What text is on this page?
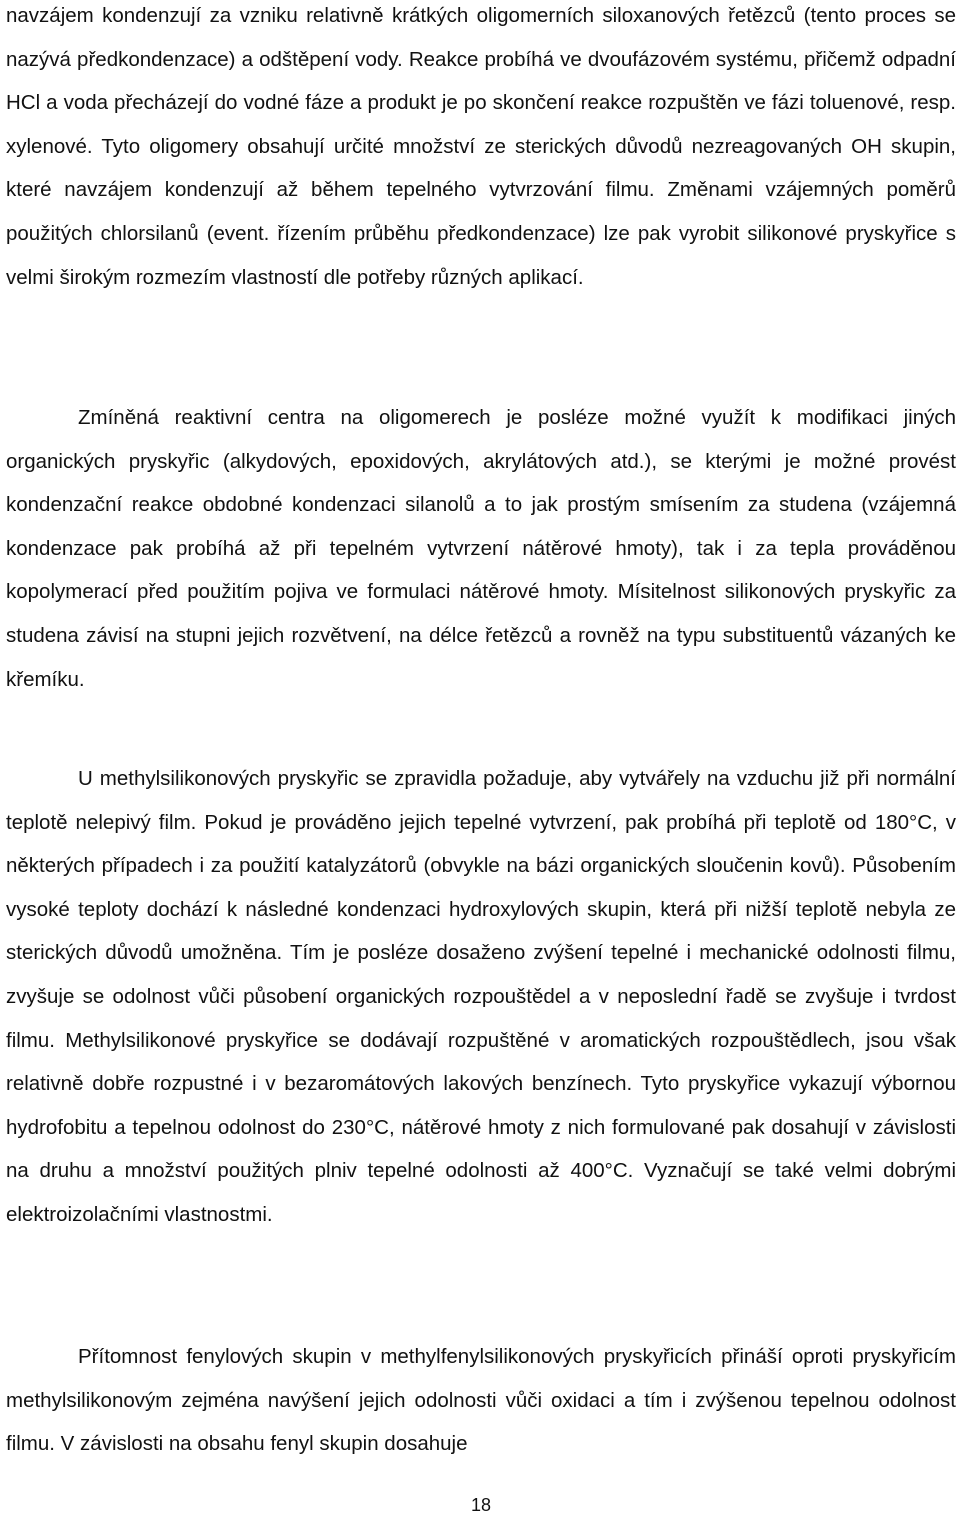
navzájem kondenzují za vzniku relativně krátkých oligomerních siloxanových řetězců (tento proces se nazývá předkondenzace) a odštěpení vody. Reakce probíhá ve dvoufázovém systému, přičemž odpadní HCl a voda přecházejí do vodné fáze a produkt je po skončení reakce rozpuštěn ve fázi toluenové, resp. xylenové. Tyto oligomery obsahují určité množství ze sterických důvodů nezreagovaných OH skupin, které navzájem kondenzují až během tepelného vytvrzování filmu. Změnami vzájemných poměrů použitých chlorsilanů (event. řízením průběhu předkondenzace) lze pak vyrobit silikonové pryskyřice s velmi širokým rozmezím vlastností dle potřeby různých aplikací.

Zmíněná reaktivní centra na oligomerech je posléze možné využít k modifikaci jiných organických pryskyřic (alkydových, epoxidových, akrylátových atd.), se kterými je možné provést kondenzační reakce obdobné kondenzaci silanolů a to jak prostým smísením za studena (vzájemná kondenzace pak probíhá až při tepelném vytvrzení nátěrové hmoty), tak i za tepla prováděnou kopolymerací před použitím pojiva ve formulaci nátěrové hmoty. Mísitelnost silikonových pryskyřic za studena závisí na stupni jejich rozvětvení, na délce řetězců a rovněž na typu substituentů vázaných ke křemíku.

U methylsilikonových pryskyřic se zpravidla požaduje, aby vytvářely na vzduchu již při normální teplotě nelepivý film. Pokud je prováděno jejich tepelné vytvrzení, pak probíhá při teplotě od 180°C, v některých případech i za použití katalyzátorů (obvykle na bázi organických sloučenin kovů). Působením vysoké teploty dochází k následné kondenzaci hydroxylových skupin, která při nižší teplotě nebyla ze sterických důvodů umožněna. Tím je posléze dosaženo zvýšení tepelné i mechanické odolnosti filmu, zvyšuje se odolnost vůči působení organických rozpouštědel a v neposlední řadě se zvyšuje i tvrdost filmu. Methylsilikonové pryskyřice se dodávají rozpuštěné v aromatických rozpouštědlech, jsou však relativně dobře rozpustné i v bezaromátových lakových benzínech. Tyto pryskyřice vykazují výbornou hydrofobitu a tepelnou odolnost do 230°C, nátěrové hmoty z nich formulované pak dosahují v závislosti na druhu a množství použitých plniv tepelné odolnosti až 400°C. Vyznačují se také velmi dobrými elektroizolačními vlastnostmi.

Přítomnost fenylových skupin v methylfenylsilikonových pryskyřicích přináší oproti pryskyřicím methylsilikonovým zejména navýšení jejich odolnosti vůči oxidaci a tím i zvýšenou tepelnou odolnost filmu. V závislosti na obsahu fenyl skupin dosahuje

18
